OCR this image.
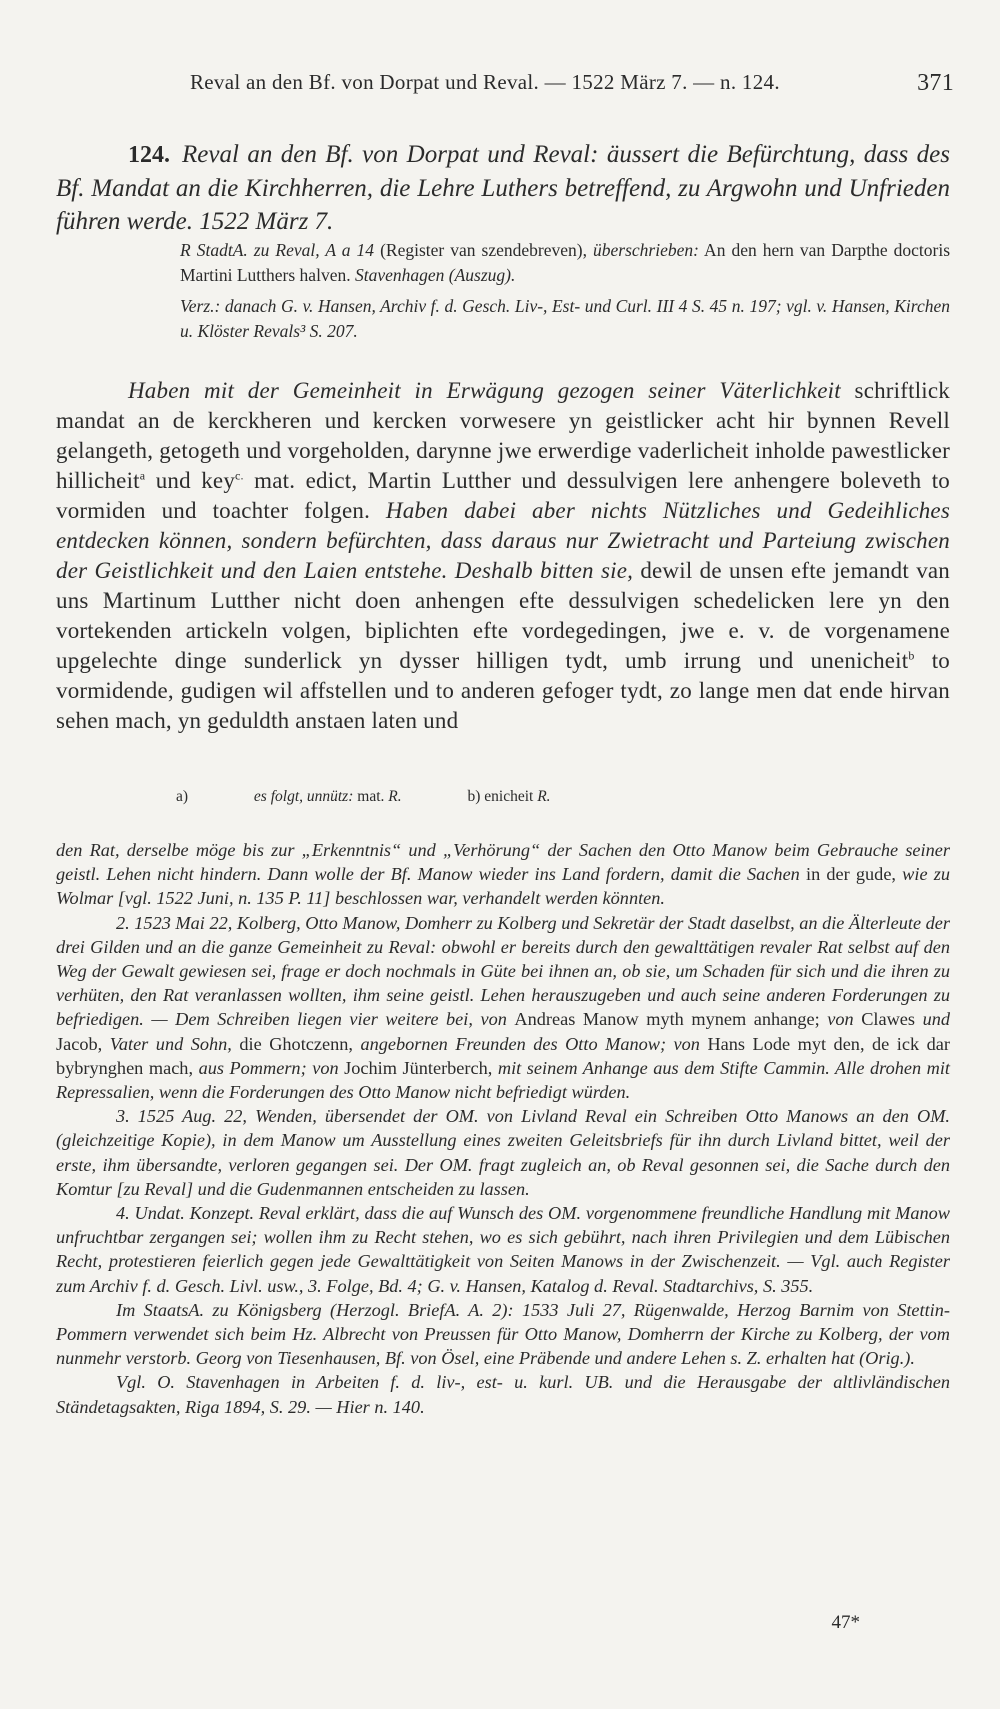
Reval an den Bf. von Dorpat und Reval. — 1522 März 7. — n. 124.	371
124. Reval an den Bf. von Dorpat und Reval: äussert die Befürchtung, dass des Bf. Mandat an die Kirchherren, die Lehre Luthers betreffend, zu Argwohn und Unfrieden führen werde. 1522 März 7.

R StadtA. zu Reval, A a 14 (Register van szendebreven), überschrieben: An den hern van Darpthe doctoris Martini Lutthers halven. Stavenhagen (Auszug).

Verz.: danach G. v. Hansen, Archiv f. d. Gesch. Liv-, Est- und Curl. III 4 S. 45 n. 197; vgl. v. Hansen, Kirchen u. Klöster Revals³ S. 207.

Haben mit der Gemeinheit in Erwägung gezogen seiner Väterlichkeit schriftlick mandat an de kerckheren und kercken vorwesere yn geistlicker acht hir bynnen Revell gelangeth, getogeth und vorgeholden, darynne jwe erwerdige vaderlicheit inholde pawestlicker hillicheit$^a$ und key$^{c.}$ mat. edict, Martin Lutther und dessulvigen lere anhengere boleveth to vormiden und toachter folgen. Haben dabei aber nichts Nützliches und Gedeihliches entdecken können, sondern befürchten, dass daraus nur Zwietracht und Parteiung zwischen der Geistlichkeit und den Laien entstehe. Deshalb bitten sie, dewil de unsen efte jemandt van uns Martinum Lutther nicht doen anhengen efte dessulvigen schedelicken lere yn den vortekenden artickeln volgen, biplichten efte vordegedingen, jwe e. v. de vorgenamene upgelechte dinge sunderlick yn dysser hilligen tydt, umb irrung und unenicheit$^b$ to vormidende, gudigen wil affstellen und to anderen gefoger tydt, zo lange men dat ende hirvan sehen mach, yn geduldth anstaen laten und

a)	es folgt, unnütz: mat. R.	b) enicheit R.

den Rat, derselbe möge bis zur „Erkenntnis“ und „Verhörung“ der Sachen den Otto Manow beim Gebrauche seiner geistl. Lehen nicht hindern. Dann wolle der Bf. Manow wieder ins Land fordern, damit die Sachen in der gude, wie zu Wolmar [vgl. 1522 Juni, n. 135 P. 11] beschlossen war, verhandelt werden könnten.

2. 1523 Mai 22, Kolberg, Otto Manow, Domherr zu Kolberg und Sekretär der Stadt daselbst, an die Älterleute der drei Gilden und an die ganze Gemeinheit zu Reval: obwohl er bereits durch den gewalttätigen revaler Rat selbst auf den Weg der Gewalt gewiesen sei, frage er doch nochmals in Güte bei ihnen an, ob sie, um Schaden für sich und die ihren zu verhüten, den Rat veranlassen wollten, ihm seine geistl. Lehen herauszugeben und auch seine anderen Forderungen zu befriedigen. — Dem Schreiben liegen vier weitere bei, von Andreas Manow myth mynem anhange; von Clawes und Jacob, Vater und Sohn, die Ghotczenn, angebornen Freunden des Otto Manow; von Hans Lode myt den, de ick dar bybrynghen mach, aus Pommern; von Jochim Jünterberch, mit seinem Anhange aus dem Stifte Cammin. Alle drohen mit Repressalien, wenn die Forderungen des Otto Manow nicht befriedigt würden.

3. 1525 Aug. 22, Wenden, übersendet der OM. von Livland Reval ein Schreiben Otto Manows an den OM. (gleichzeitige Kopie), in dem Manow um Ausstellung eines zweiten Geleitsbriefs für ihn durch Livland bittet, weil der erste, ihm übersandte, verloren gegangen sei. Der OM. fragt zugleich an, ob Reval gesonnen sei, die Sache durch den Komtur [zu Reval] und die Gudenmannen entscheiden zu lassen.

4. Undat. Konzept. Reval erklärt, dass die auf Wunsch des OM. vorgenommene freundliche Handlung mit Manow unfruchtbar zergangen sei; wollen ihm zu Recht stehen, wo es sich gebührt, nach ihren Privilegien und dem Lübischen Recht, protestieren feierlich gegen jede Gewalttätigkeit von Seiten Manows in der Zwischenzeit. — Vgl. auch Register zum Archiv f. d. Gesch. Livl. usw., 3. Folge, Bd. 4; G. v. Hansen, Katalog d. Reval. Stadtarchivs, S. 355.

Im StaatsA. zu Königsberg (Herzogl. BriefA. A. 2): 1533 Juli 27, Rügenwalde, Herzog Barnim von Stettin-Pommern verwendet sich beim Hz. Albrecht von Preussen für Otto Manow, Domherrn der Kirche zu Kolberg, der vom nunmehr verstorb. Georg von Tiesenhausen, Bf. von Ösel, eine Präbende und andere Lehen s. Z. erhalten hat (Orig.).

Vgl. O. Stavenhagen in Arbeiten f. d. liv-, est- u. kurl. UB. und die Herausgabe der altlivländischen Ständetagsakten, Riga 1894, S. 29. — Hier n. 140.

47*
